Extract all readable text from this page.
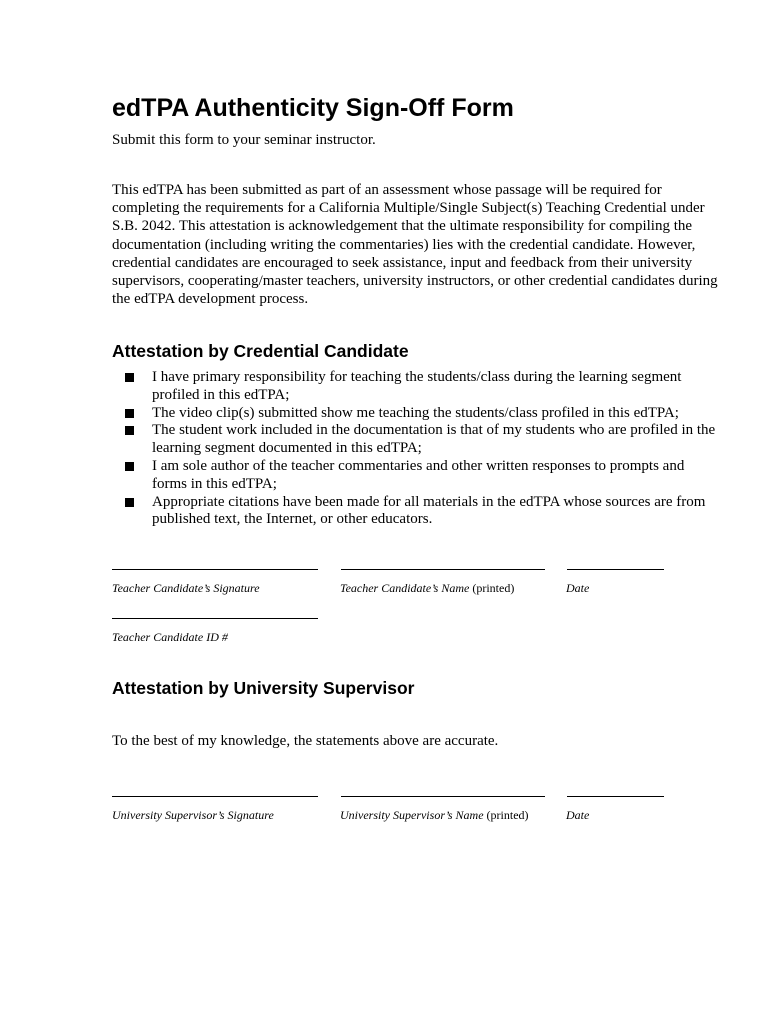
edTPA Authenticity Sign-Off Form

Submit this form to your seminar instructor.

This edTPA has been submitted as part of an assessment whose passage will be required for completing the requirements for a California Multiple/Single Subject(s) Teaching Credential under S.B. 2042. This attestation is acknowledgement that the ultimate responsibility for compiling the documentation (including writing the commentaries) lies with the credential candidate. However, credential candidates are encouraged to seek assistance, input and feedback from their university supervisors, cooperating/master teachers, university instructors, or other credential candidates during the edTPA development process.

Attestation by Credential Candidate
I have primary responsibility for teaching the students/class during the learning segment profiled in this edTPA;
The video clip(s) submitted show me teaching the students/class profiled in this edTPA;
The student work included in the documentation is that of my students who are profiled in the learning segment documented in this edTPA;
I am sole author of the teacher commentaries and other written responses to prompts and forms in this edTPA;
Appropriate citations have been made for all materials in the edTPA whose sources are from published text, the Internet, or other educators.
Teacher Candidate’s Signature	Teacher Candidate’s Name (printed)	Date
Teacher Candidate ID #
Attestation by University Supervisor

To the best of my knowledge, the statements above are accurate.

University Supervisor’s Signature	University Supervisor’s Name (printed)	Date
